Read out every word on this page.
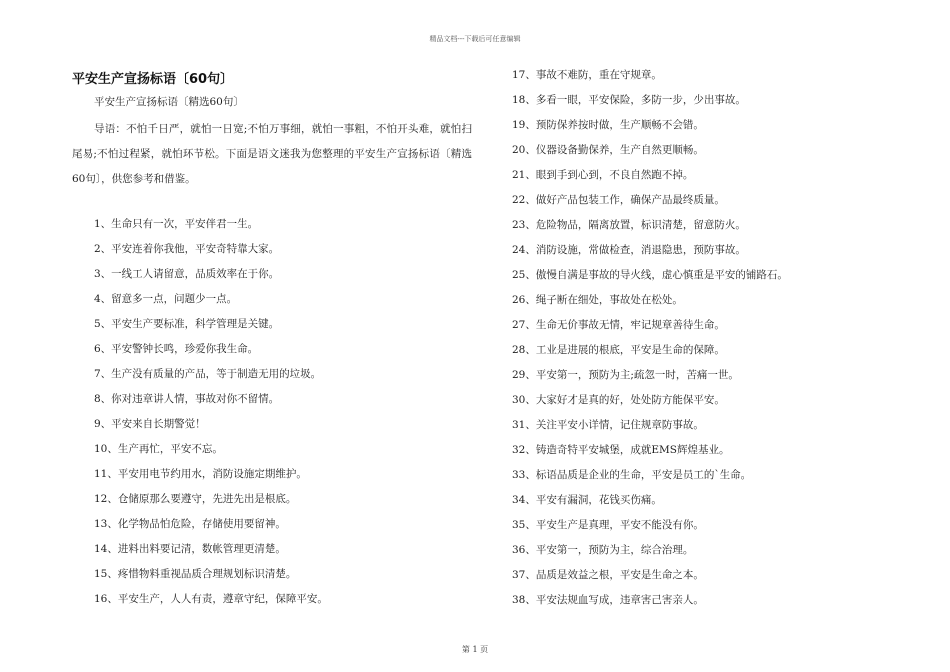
精品文档---下载后可任意编辑
平安生产宣扬标语〔60句〕
平安生产宣扬标语〔精选60句〕
导语：不怕千日严，就怕一日宽;不怕万事细，就怕一事粗，不怕开头难，就怕扫尾易;不怕过程紧，就怕环节松。下面是语文迷我为您整理的平安生产宣扬标语〔精选60句〕，供您参考和借鉴。
1、生命只有一次，平安伴君一生。
2、平安连着你我他，平安奇特靠大家。
3、一线工人请留意，品质效率在于你。
4、留意多一点，问题少一点。
5、平安生产要标准，科学管理是关键。
6、平安警钟长鸣，珍爱你我生命。
7、生产没有质量的产品，等于制造无用的垃圾。
8、你对违章讲人情，事故对你不留情。
9、平安来自长期警觉！
10、生产再忙，平安不忘。
11、平安用电节约用水，消防设施定期维护。
12、仓储原那么要遵守，先进先出是根底。
13、化学物品怕危险，存储使用要留神。
14、进料出料要记清，数帐管理更清楚。
15、疼惜物料重视品质合理规划标识清楚。
16、平安生产，人人有责，遵章守纪，保障平安。
17、事故不难防，重在守规章。
18、多看一眼，平安保险，多防一步，少出事故。
19、预防保养按时做，生产顺畅不会错。
20、仪器设备勤保养，生产自然更顺畅。
21、眼到手到心到，不良自然跑不掉。
22、做好产品包装工作，确保产品最终质量。
23、危险物品，隔离放置，标识清楚，留意防火。
24、消防设施，常做检查，消退隐患，预防事故。
25、傲慢自满是事故的导火线，虚心慎重是平安的铺路石。
26、绳子断在细处，事故处在松处。
27、生命无价事故无情，牢记规章善待生命。
28、工业是进展的根底，平安是生命的保障。
29、平安第一，预防为主;疏忽一时，苦痛一世。
30、大家好才是真的好，处处防方能保平安。
31、关注平安小详情，记住规章防事故。
32、铸造奇特平安城堡，成就EMS辉煌基业。
33、标语品质是企业的生命，平安是员工的`生命。
34、平安有漏洞，花钱买伤痛。
35、平安生产是真理，平安不能没有你。
36、平安第一，预防为主，综合治理。
37、品质是效益之根，平安是生命之本。
38、平安法规血写成，违章害己害亲人。
第 1 页
